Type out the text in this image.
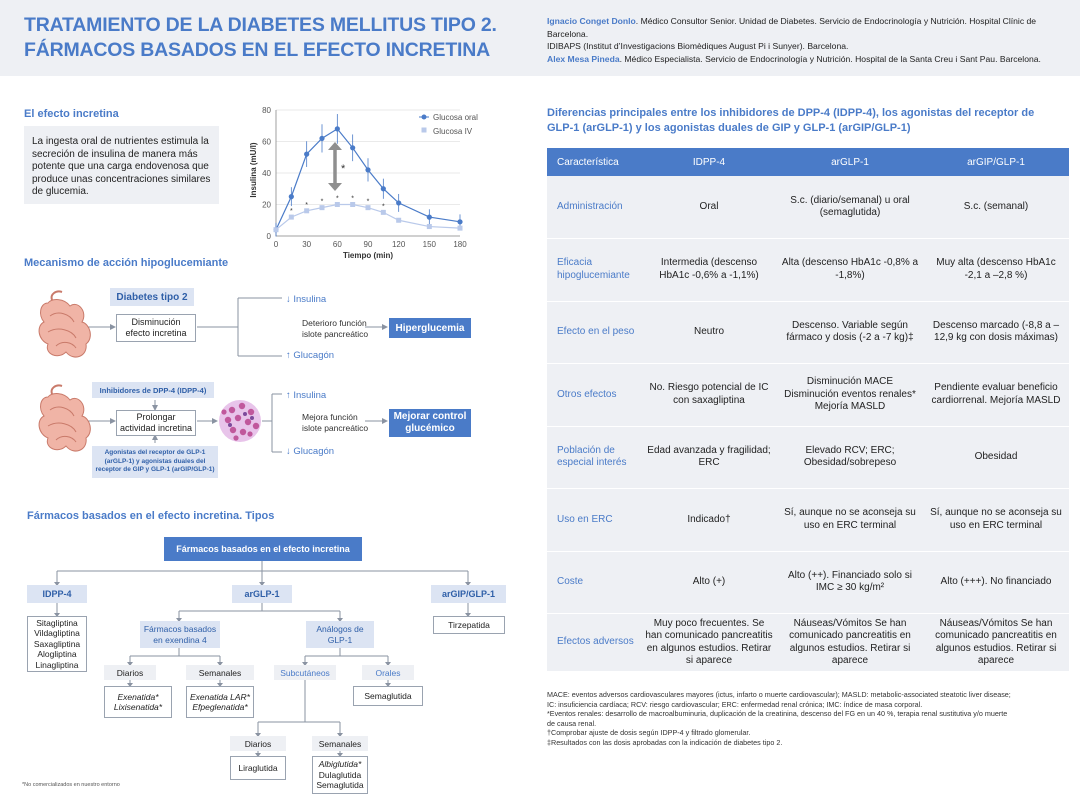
TRATAMIENTO DE LA DIABETES MELLITUS TIPO 2.
FÁRMACOS BASADOS EN EL EFECTO INCRETINA
Ignacio Conget Donlo. Médico Consultor Senior. Unidad de Diabetes. Servicio de Endocrinología y Nutrición. Hospital Clínic de Barcelona.
IDIBAPS (Institut d’Investigacions Biomèdiques August Pi i Sunyer). Barcelona.
Alex Mesa Pineda. Médico Especialista. Servicio de Endocrinología y Nutrición. Hospital de la Santa Creu i Sant Pau. Barcelona.
El efecto incretina
La ingesta oral de nutrientes estimula la secreción de insulina de manera más potente que una carga endovenosa que produce unas concentraciones similares de glucemia.
0
20
40
60
80
0	30	60	90 120 150 180
Insulina (mU/l)
Tiempo (min)
*
* * * * *
*
Glucosa oral
Glucosa IV
*
Mecanismo de acción hipoglucemiante
Diabetes tipo 2
Disminución
efecto incretina
↓ Insulina
Deterioro función
islote pancreático	Hiperglucemia
↑ Glucagón
Inhibidores de DPP-4 (IDPP-4)
Prolongar
actividad incretina
Agonistas del receptor de GLP-1
(arGLP-1) y agonistas duales del
receptor de GIP y GLP-1 (arGIP/GLP-1)
↑ Insulina
Mejora función
islote pancreático
Mejorar control
glucémico
↓ Glucagón
Fármacos basados en el efecto incretina. Tipos
Fármacos basados en el efecto incretina
IDPP-4	arGLP-1	arGIP/GLP-1
Sitagliptina
Vildagliptina
Saxagliptina
Alogliptina
Linagliptina
Tirzepatida
Fármacos basados
en exendina 4
Análogos de
GLP-1
Diarios	Semanales	Subcutáneos	Orales
Exenatida*
Lixisenatida*
Exenatida LAR*
Efpeglenatida*
Semaglutida
Diarios	Semanales
Liraglutida	Albiglutida*
Dulaglutida
Semaglutida
*No comercializados en nuestro entorno
Diferencias principales entre los inhibidores de DPP-4 (IDPP-4), los agonistas del receptor de GLP-1 (arGLP-1) y los agonistas duales de GIP y GLP-1 (arGIP/GLP-1)
Característica	IDPP-4	arGLP-1	arGIP/GLP-1
Administración	Oral	S.c. (diario/semanal) u oral (semaglutida)	S.c. (semanal)
Eficacia hipoglucemiante	Intermedia (descenso HbA1c -0,6% a -1,1%)	Alta (descenso HbA1c -0,8% a -1,8%)	Muy alta (descenso HbA1c -2,1 a –2,8 %)
Efecto en el peso	Neutro	Descenso. Variable según fármaco y dosis (-2 a -7 kg)‡	Descenso marcado (-8,8 a –12,9 kg con dosis máximas)
Otros efectos	No. Riesgo potencial de IC con saxagliptina	Disminución MACE Disminución eventos renales* Mejoría MASLD	Pendiente evaluar beneficio cardiorrenal. Mejoría MASLD
Población de especial interés	Edad avanzada y fragilidad; ERC	Elevado RCV; ERC; Obesidad/sobrepeso	Obesidad
Uso en ERC	Indicado†	Sí, aunque no se aconseja su uso en ERC terminal	Sí, aunque no se aconseja su uso en ERC terminal
Coste	Alto (+)	Alto (++). Financiado solo si IMC ≥ 30 kg/m²	Alto (+++). No financiado
Efectos adversos	Muy poco frecuentes. Se han comunicado pancreatitis en algunos estudios. Retirar si aparece	Náuseas/Vómitos Se han comunicado pancreatitis en algunos estudios. Retirar si aparece	Náuseas/Vómitos Se han comunicado pancreatitis en algunos estudios. Retirar si aparece
MACE: eventos adversos cardiovasculares mayores (ictus, infarto o muerte cardiovascular); MASLD: metabolic-associated steatotic liver disease;
IC: insuficiencia cardíaca; RCV: riesgo cardiovascular; ERC: enfermedad renal crónica; IMC: índice de masa corporal.
*Eventos renales: desarrollo de macroalbuminuria, duplicación de la creatinina, descenso del FG en un 40 %, terapia renal sustitutiva y/o muerte
de causa renal.
†Comprobar ajuste de dosis según IDPP-4 y filtrado glomerular.
‡Resultados con las dosis aprobadas con la indicación de diabetes tipo 2.
